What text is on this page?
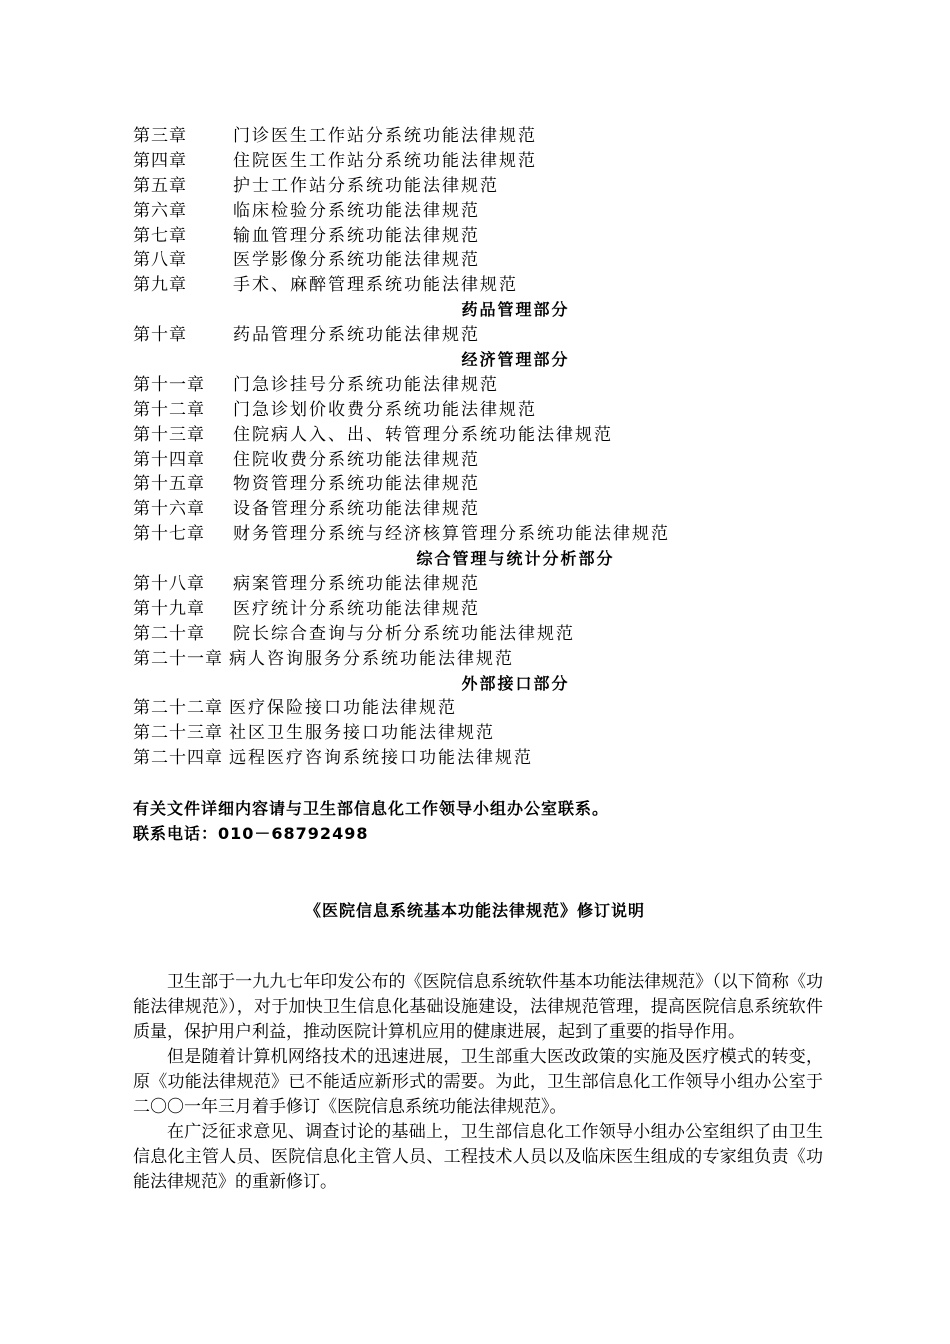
第三章	门诊医生工作站分系统功能法律规范
第四章	住院医生工作站分系统功能法律规范
第五章	护士工作站分系统功能法律规范
第六章	临床检验分系统功能法律规范
第七章	输血管理分系统功能法律规范
第八章	医学影像分系统功能法律规范
第九章	手术、麻醉管理系统功能法律规范
药品管理部分
第十章	药品管理分系统功能法律规范
经济管理部分
第十一章 门急诊挂号分系统功能法律规范
第十二章 门急诊划价收费分系统功能法律规范
第十三章 住院病人入、出、转管理分系统功能法律规范
第十四章 住院收费分系统功能法律规范
第十五章 物资管理分系统功能法律规范
第十六章 设备管理分系统功能法律规范
第十七章 财务管理分系统与经济核算管理分系统功能法律规范
综合管理与统计分析部分
第十八章 病案管理分系统功能法律规范
第十九章 医疗统计分系统功能法律规范
第二十章 院长综合查询与分析分系统功能法律规范
第二十一章 病人咨询服务分系统功能法律规范
外部接口部分
第二十二章 医疗保险接口功能法律规范
第二十三章 社区卫生服务接口功能法律规范
第二十四章 远程医疗咨询系统接口功能法律规范
有关文件详细内容请与卫生部信息化工作领导小组办公室联系。
联系电话：010－68792498
《医院信息系统基本功能法律规范》修订说明

卫生部于一九九七年印发公布的《医院信息系统软件基本功能法律规范》（以下简称《功能法律规范》），对于加快卫生信息化基础设施建设，法律规范管理，提高医院信息系统软件质量，保护用户利益，推动医院计算机应用的健康进展，起到了重要的指导作用。

但是随着计算机网络技术的迅速进展，卫生部重大医改政策的实施及医疗模式的转变，原《功能法律规范》已不能适应新形式的需要。为此，卫生部信息化工作领导小组办公室于二〇〇一年三月着手修订《医院信息系统功能法律规范》。

在广泛征求意见、调查讨论的基础上，卫生部信息化工作领导小组办公室组织了由卫生信息化主管人员、医院信息化主管人员、工程技术人员以及临床医生组成的专家组负责《功能法律规范》的重新修订。
